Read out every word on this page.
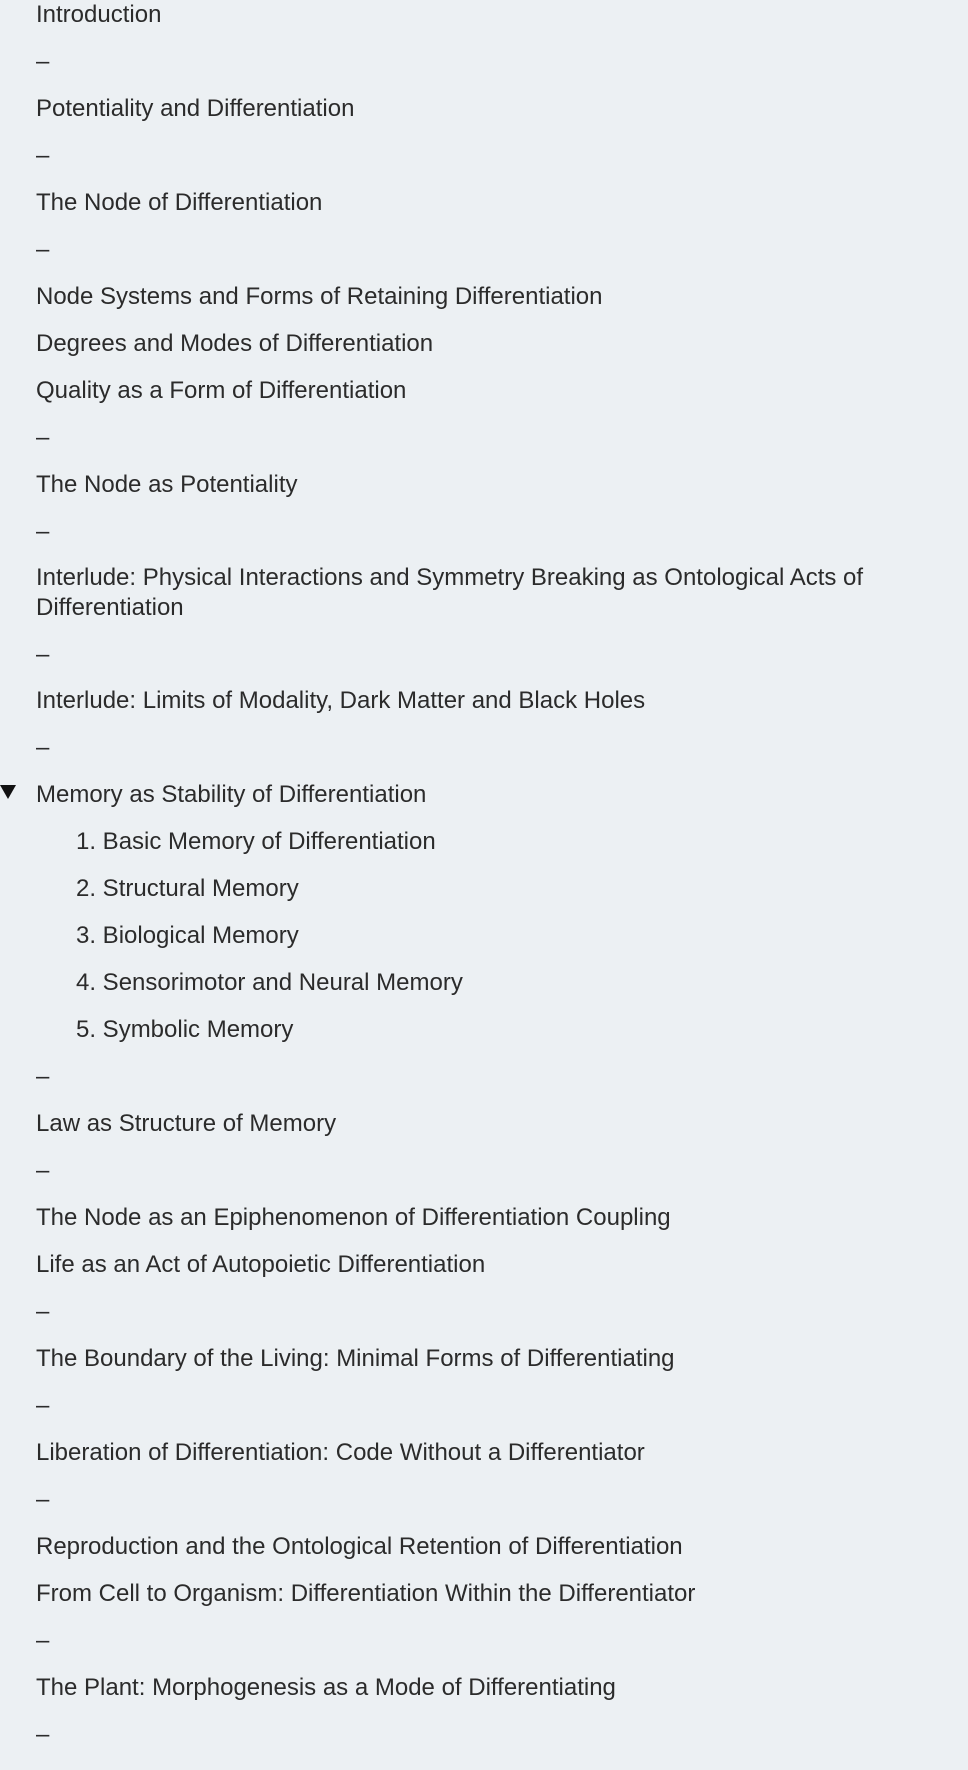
Introduction
–
Potentiality and Differentiation
–
The Node of Differentiation
–
Node Systems and Forms of Retaining Differentiation
Degrees and Modes of Differentiation
Quality as a Form of Differentiation
–
The Node as Potentiality
–
Interlude: Physical Interactions and Symmetry Breaking as Ontological Acts of Differentiation
–
Interlude: Limits of Modality, Dark Matter and Black Holes
–
Memory as Stability of Differentiation
1. Basic Memory of Differentiation
2. Structural Memory
3. Biological Memory
4. Sensorimotor and Neural Memory
5. Symbolic Memory
–
Law as Structure of Memory
–
The Node as an Epiphenomenon of Differentiation Coupling
Life as an Act of Autopoietic Differentiation
–
The Boundary of the Living: Minimal Forms of Differentiating
–
Liberation of Differentiation: Code Without a Differentiator
–
Reproduction and the Ontological Retention of Differentiation
From Cell to Organism: Differentiation Within the Differentiator
–
The Plant: Morphogenesis as a Mode of Differentiating
–
